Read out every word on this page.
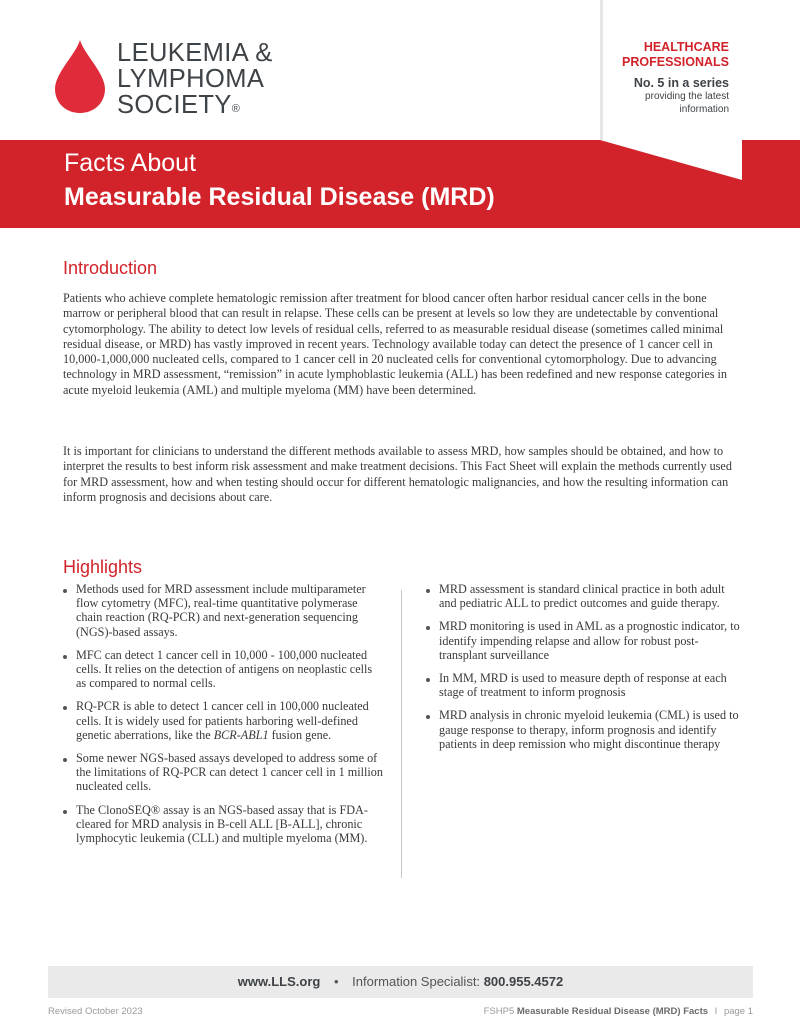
LEUKEMIA &
LYMPHOMA
SOCIETY®
HEALTHCARE
PROFESSIONALS
No. 5 in a series
providing the latest
information
Facts About
Measurable Residual Disease (MRD)
Introduction

Patients who achieve complete hematologic remission after treatment for blood cancer often harbor residual cancer cells in the bone marrow or peripheral blood that can result in relapse. These cells can be present at levels so low they are undetectable by conventional cytomorphology. The ability to detect low levels of residual cells, referred to as measurable residual disease (sometimes called minimal residual disease, or MRD) has vastly improved in recent years. Technology available today can detect the presence of 1 cancer cell in 10,000-1,000,000 nucleated cells, compared to 1 cancer cell in 20 nucleated cells for conventional cytomorphology. Due to advancing technology in MRD assessment, “remission” in acute lymphoblastic leukemia (ALL) has been redefined and new response categories in acute myeloid leukemia (AML) and multiple myeloma (MM) have been determined.

It is important for clinicians to understand the different methods available to assess MRD, how samples should be obtained, and how to interpret the results to best inform risk assessment and make treatment decisions. This Fact Sheet will explain the methods currently used for MRD assessment, how and when testing should occur for different hematologic malignancies, and how the resulting information can inform prognosis and decisions about care.

Highlights
Methods used for MRD assessment include multiparameter flow cytometry (MFC), real-time quantitative polymerase chain reaction (RQ-PCR) and next-generation sequencing (NGS)-based assays.
MFC can detect 1 cancer cell in 10,000 - 100,000 nucleated cells. It relies on the detection of antigens on neoplastic cells as compared to normal cells.
RQ-PCR is able to detect 1 cancer cell in 100,000 nucleated cells. It is widely used for patients harboring well-defined genetic aberrations, like the BCR-ABL1 fusion gene.
Some newer NGS-based assays developed to address some of the limitations of RQ-PCR can detect 1 cancer cell in 1 million nucleated cells.
The ClonoSEQ® assay is an NGS-based assay that is FDA-cleared for MRD analysis in B-cell ALL [B-ALL], chronic lymphocytic leukemia (CLL) and multiple myeloma (MM).
MRD assessment is standard clinical practice in both adult and pediatric ALL to predict outcomes and guide therapy.
MRD monitoring is used in AML as a prognostic indicator, to identify impending relapse and allow for robust post-transplant surveillance
In MM, MRD is used to measure depth of response at each stage of treatment to inform prognosis
MRD analysis in chronic myeloid leukemia (CML) is used to gauge response to therapy, inform prognosis and identify patients in deep remission who might discontinue therapy
www.LLS.org • Information Specialist: 800.955.4572
Revised October 2023	FSHP5 Measurable Residual Disease (MRD) Facts I page 1
